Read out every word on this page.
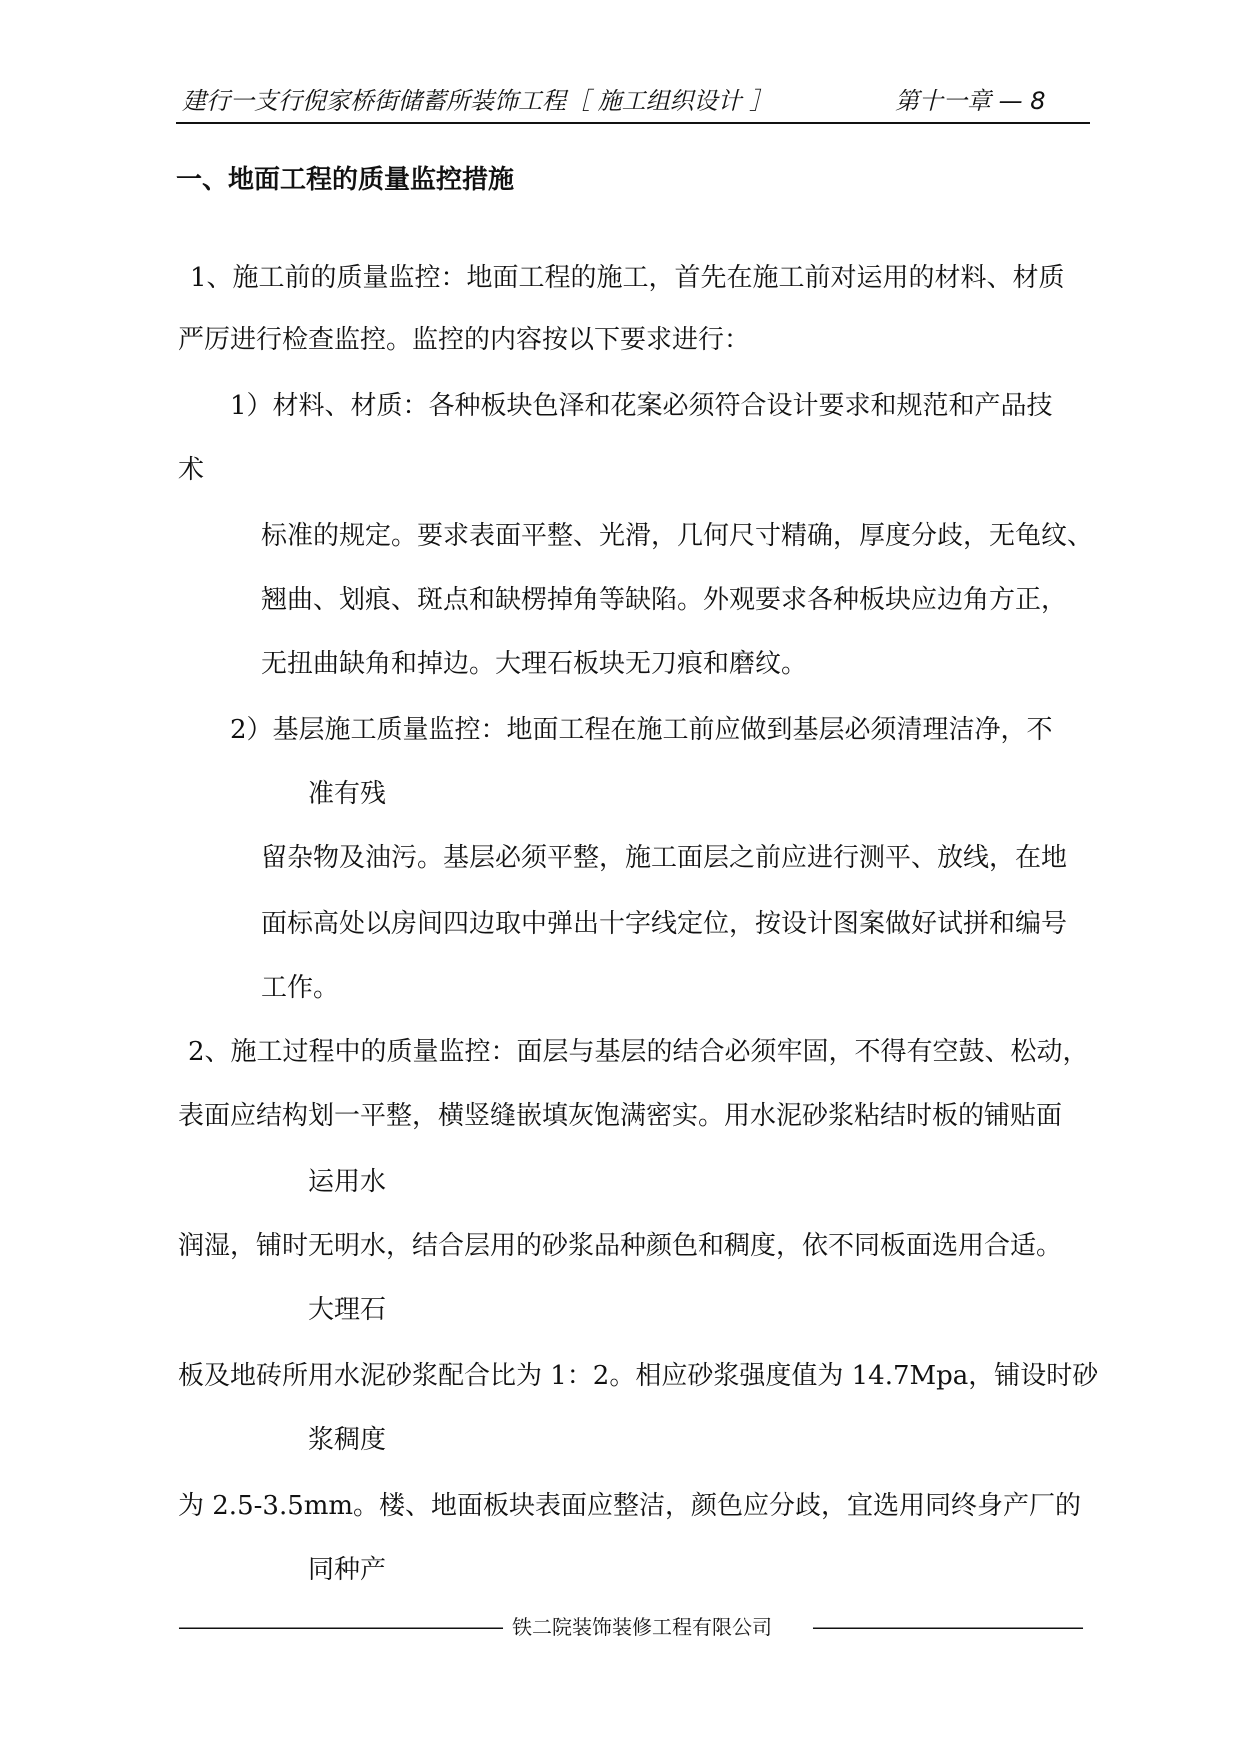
建行一支行倪家桥街储蓄所装饰工程［ 施工组织设计 ］	第十一章 — 8
一、地面工程的质量监控措施
1、施工前的质量监控：地面工程的施工，首先在施工前对运用的材料、材质
严厉进行检查监控。监控的内容按以下要求进行：
1）材料、材质：各种板块色泽和花案必须符合设计要求和规范和产品技
术
标准的规定。要求表面平整、光滑，几何尺寸精确，厚度分歧，无龟纹、
翘曲、划痕、斑点和缺楞掉角等缺陷。外观要求各种板块应边角方正，
无扭曲缺角和掉边。大理石板块无刀痕和磨纹。
2）基层施工质量监控：地面工程在施工前应做到基层必须清理洁净，不
准有残
留杂物及油污。基层必须平整，施工面层之前应进行测平、放线，在地
面标高处以房间四边取中弹出十字线定位，按设计图案做好试拼和编号
工作。
2、施工过程中的质量监控：面层与基层的结合必须牢固，不得有空鼓、松动，
表面应结构划一平整，横竖缝嵌填灰饱满密实。用水泥砂浆粘结时板的铺贴面
运用水
润湿，铺时无明水，结合层用的砂浆品种颜色和稠度，依不同板面选用合适。
大理石
板及地砖所用水泥砂浆配合比为 1：2。相应砂浆强度值为 14.7Mpa，铺设时砂
浆稠度
为 2.5-3.5mm。楼、地面板块表面应整洁，颜色应分歧，宜选用同终身产厂的
同种产
—————————————————— 铁二院装饰装修工程有限公司 ———————————————
